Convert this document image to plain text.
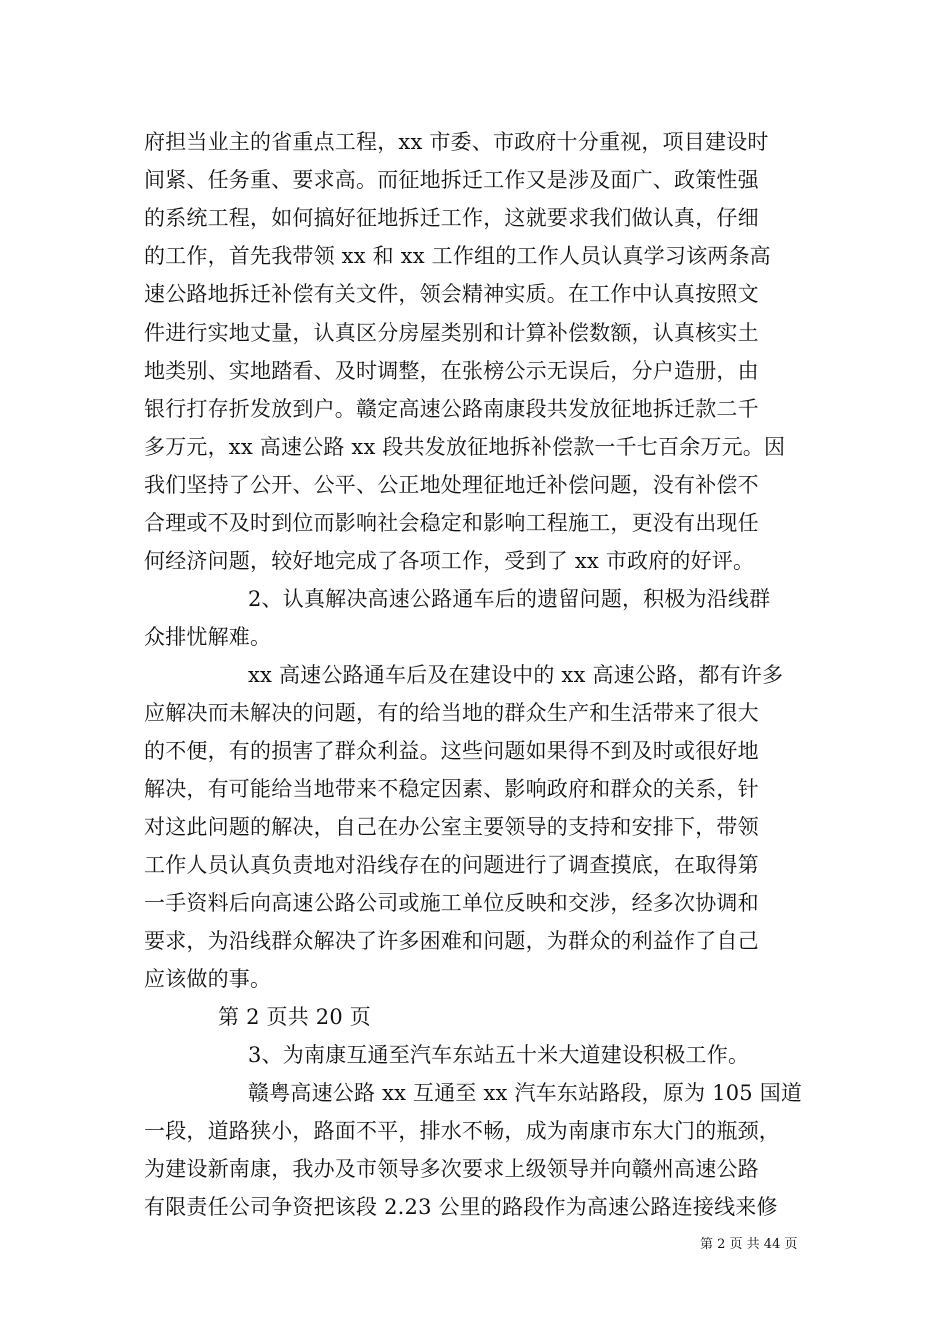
府担当业主的省重点工程，xx 市委、市政府十分重视，项目建设时
间紧、任务重、要求高。而征地拆迁工作又是涉及面广、政策性强
的系统工程，如何搞好征地拆迁工作，这就要求我们做认真，仔细
的工作，首先我带领 xx 和 xx 工作组的工作人员认真学习该两条高
速公路地拆迁补偿有关文件，领会精神实质。在工作中认真按照文
件进行实地丈量，认真区分房屋类别和计算补偿数额，认真核实土
地类别、实地踏看、及时调整，在张榜公示无误后，分户造册，由
银行打存折发放到户。赣定高速公路南康段共发放征地拆迁款二千
多万元，xx 高速公路 xx 段共发放征地拆补偿款一千七百余万元。因
我们坚持了公开、公平、公正地处理征地迁补偿问题，没有补偿不
合理或不及时到位而影响社会稳定和影响工程施工，更没有出现任
何经济问题，较好地完成了各项工作，受到了 xx 市政府的好评。
2、认真解决高速公路通车后的遗留问题，积极为沿线群
众排忧解难。
xx 高速公路通车后及在建设中的 xx 高速公路，都有许多
应解决而未解决的问题，有的给当地的群众生产和生活带来了很大
的不便，有的损害了群众利益。这些问题如果得不到及时或很好地
解决，有可能给当地带来不稳定因素、影响政府和群众的关系，针
对这此问题的解决，自己在办公室主要领导的支持和安排下，带领
工作人员认真负责地对沿线存在的问题进行了调查摸底，在取得第
一手资料后向高速公路公司或施工单位反映和交涉，经多次协调和
要求，为沿线群众解决了许多困难和问题，为群众的利益作了自己
应该做的事。
第 2 页共 20 页
3、为南康互通至汽车东站五十米大道建设积极工作。
赣粤高速公路 xx 互通至 xx 汽车东站路段，原为 105 国道
一段，道路狭小，路面不平，排水不畅，成为南康市东大门的瓶颈，
为建设新南康，我办及市领导多次要求上级领导并向赣州高速公路
有限责任公司争资把该段 2.23 公里的路段作为高速公路连接线来修
第 2 页 共 44 页
